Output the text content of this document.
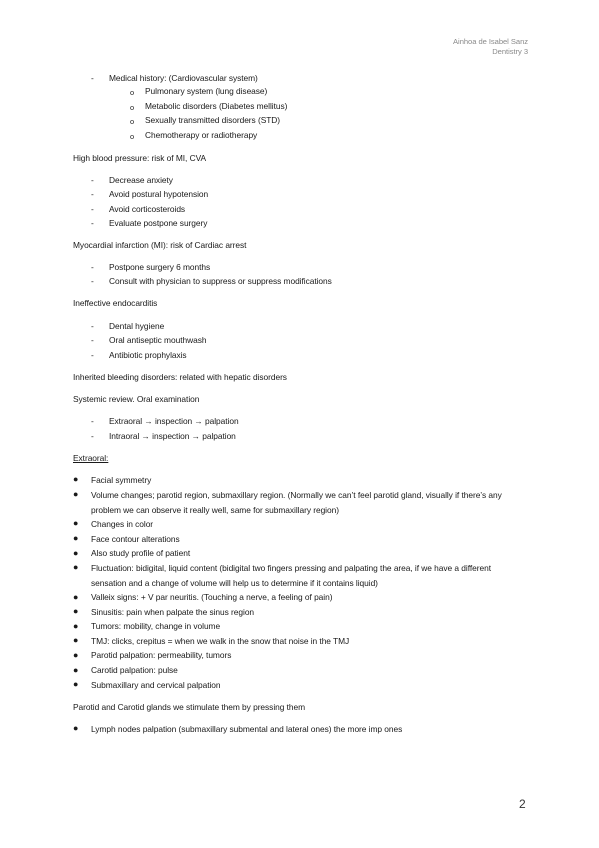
Ainhoa de Isabel Sanz
Dentistry 3
- Medical history: (Cardiovascular system)
o Pulmonary system (lung disease)
o Metabolic disorders (Diabetes mellitus)
o Sexually transmitted disorders (STD)
o Chemotherapy or radiotherapy
High blood pressure: risk of MI, CVA
- Decrease anxiety
- Avoid postural hypotension
- Avoid corticosteroids
- Evaluate postpone surgery
Myocardial infarction (MI): risk of Cardiac arrest
- Postpone surgery 6 months
- Consult with physician to suppress or suppress modifications
Ineffective endocarditis
- Dental hygiene
- Oral antiseptic mouthwash
- Antibiotic prophylaxis
Inherited bleeding disorders: related with hepatic disorders
Systemic review. Oral examination
- Extraoral → inspection → palpation
- Intraoral → inspection → palpation
Extraoral:
● Facial symmetry
● Volume changes; parotid region, submaxillary region. (Normally we can’t feel parotid gland, visually if there’s any problem we can observe it really well, same for submaxillary region)
● Changes in color
● Face contour alterations
● Also study profile of patient
● Fluctuation: bidigital, liquid content (bidigital two fingers pressing and palpating the area, if we have a different sensation and a change of volume will help us to determine if it contains liquid)
● Valleix signs: + V par neuritis. (Touching a nerve, a feeling of pain)
● Sinusitis: pain when palpate the sinus region
● Tumors: mobility, change in volume
● TMJ: clicks, crepitus = when we walk in the snow that noise in the TMJ
● Parotid palpation: permeability, tumors
● Carotid palpation: pulse
● Submaxillary and cervical palpation
Parotid and Carotid glands we stimulate them by pressing them
● Lymph nodes palpation (submaxillary submental and lateral ones) the more imp ones
2
